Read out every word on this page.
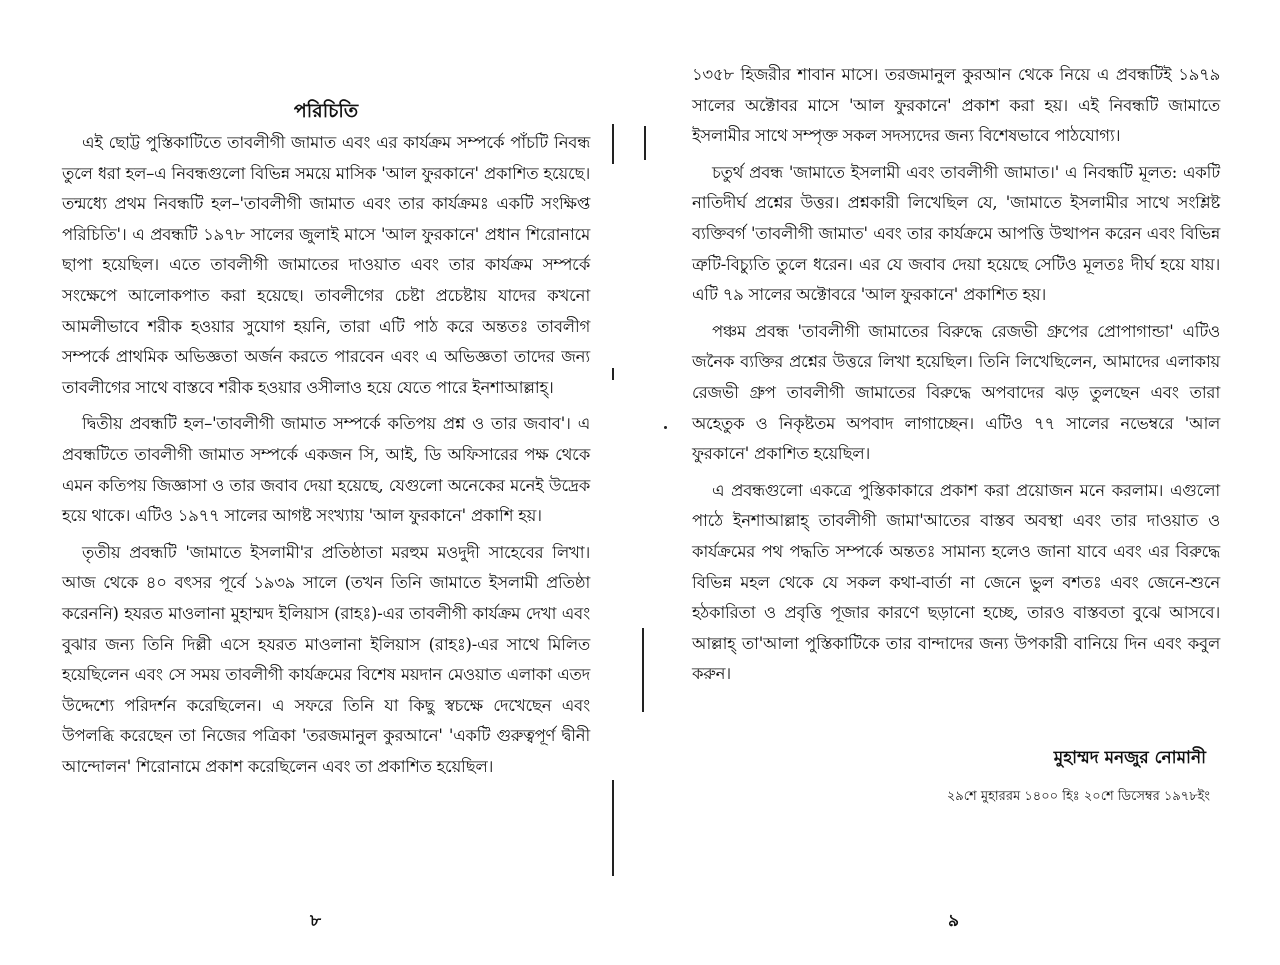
পরিচিতি

এই ছোট্ট পুস্তিকাটিতে তাবলীগী জামাত এবং এর কার্যক্রম সম্পর্কে পাঁচটি নিবন্ধ তুলে ধরা হল–এ নিবন্ধগুলো বিভিন্ন সময়ে মাসিক 'আল ফুরকানে' প্রকাশিত হয়েছে। তন্মধ্যে প্রথম নিবন্ধটি হল–'তাবলীগী জামাত এবং তার কার্যক্রমঃ একটি সংক্ষিপ্ত পরিচিতি'। এ প্রবন্ধটি ১৯৭৮ সালের জুলাই মাসে 'আল ফুরকানে' প্রধান শিরোনামে ছাপা হয়েছিল। এতে তাবলীগী জামাতের দাওয়াত এবং তার কার্যক্রম সম্পর্কে সংক্ষেপে আলোকপাত করা হয়েছে। তাবলীগের চেষ্টা প্রচেষ্টায় যাদের কখনো আমলীভাবে শরীক হওয়ার সুযোগ হয়নি, তারা এটি পাঠ করে অন্ততঃ তাবলীগ সম্পর্কে প্রাথমিক অভিজ্ঞতা অর্জন করতে পারবেন এবং এ অভিজ্ঞতা তাদের জন্য তাবলীগের সাথে বাস্তবে শরীক হওয়ার ওসীলাও হয়ে যেতে পারে ইনশাআল্লাহ্।

দ্বিতীয় প্রবন্ধটি হল–'তাবলীগী জামাত সম্পর্কে কতিপয় প্রশ্ন ও তার জবাব'। এ প্রবন্ধটিতে তাবলীগী জামাত সম্পর্কে একজন সি, আই, ডি অফিসারের পক্ষ থেকে এমন কতিপয় জিজ্ঞাসা ও তার জবাব দেয়া হয়েছে, যেগুলো অনেকের মনেই উদ্রেক হয়ে থাকে। এটিও ১৯৭৭ সালের আগষ্ট সংখ্যায় 'আল ফুরকানে' প্রকাশি হয়।

তৃতীয় প্রবন্ধটি 'জামাতে ইসলামী'র প্রতিষ্ঠাতা মরহুম মওদুদী সাহেবের লিখা। আজ থেকে ৪০ বৎসর পূর্বে ১৯৩৯ সালে (তখন তিনি জামাতে ইসলামী প্রতিষ্ঠা করেননি) হযরত মাওলানা মুহাম্মদ ইলিয়াস (রাহঃ)-এর তাবলীগী কার্যক্রম দেখা এবং বুঝার জন্য তিনি দিল্লী এসে হযরত মাওলানা ইলিয়াস (রাহঃ)-এর সাথে মিলিত হয়েছিলেন এবং সে সময় তাবলীগী কার্যক্রমের বিশেষ ময়দান মেওয়াত এলাকা এতদ উদ্দেশ্যে পরিদর্শন করেছিলেন। এ সফরে তিনি যা কিছু স্বচক্ষে দেখেছেন এবং উপলব্ধি করেছেন তা নিজের পত্রিকা 'তরজমানুল কুরআনে' 'একটি গুরুত্বপূর্ণ দ্বীনী আন্দোলন' শিরোনামে প্রকাশ করেছিলেন এবং তা প্রকাশিত হয়েছিল।

৮

১৩৫৮ হিজরীর শাবান মাসে। তরজমানুল কুরআন থেকে নিয়ে এ প্রবন্ধটিই ১৯৭৯ সালের অক্টোবর মাসে 'আল ফুরকানে' প্রকাশ করা হয়। এই নিবন্ধটি জামাতে ইসলামীর সাথে সম্পৃক্ত সকল সদস্যদের জন্য বিশেষভাবে পাঠযোগ্য।

চতুর্থ প্রবন্ধ 'জামাতে ইসলামী এবং তাবলীগী জামাত।' এ নিবন্ধটি মূলত: একটি নাতিদীর্ঘ প্রশ্নের উত্তর। প্রশ্নকারী লিখেছিল যে, 'জামাতে ইসলামীর সাথে সংশ্লিষ্ট ব্যক্তিবর্গ 'তাবলীগী জামাত' এবং তার কার্যক্রমে আপত্তি উত্থাপন করেন এবং বিভিন্ন ত্রুটি-বিচ্যুতি তুলে ধরেন। এর যে জবাব দেয়া হয়েছে সেটিও মূলতঃ দীর্ঘ হয়ে যায়। এটি ৭৯ সালের অক্টোবরে 'আল ফুরকানে' প্রকাশিত হয়।

পঞ্চম প্রবন্ধ 'তাবলীগী জামাতের বিরুদ্ধে রেজভী গ্রুপের প্রোপাগান্ডা' এটিও জনৈক ব্যক্তির প্রশ্নের উত্তরে লিখা হয়েছিল। তিনি লিখেছিলেন, আমাদের এলাকায় রেজভী গ্রুপ তাবলীগী জামাতের বিরুদ্ধে অপবাদের ঝড় তুলছেন এবং তারা অহেতুক ও নিকৃষ্টতম অপবাদ লাগাচ্ছেন। এটিও ৭৭ সালের নভেম্বরে 'আল ফুরকানে' প্রকাশিত হয়েছিল।

এ প্রবন্ধগুলো একত্রে পুস্তিকাকারে প্রকাশ করা প্রয়োজন মনে করলাম। এগুলো পাঠে ইনশাআল্লাহ্ তাবলীগী জামা'আতের বাস্তব অবস্থা এবং তার দাওয়াত ও কার্যক্রমের পথ পদ্ধতি সম্পর্কে অন্ততঃ সামান্য হলেও জানা যাবে এবং এর বিরুদ্ধে বিভিন্ন মহল থেকে যে সকল কথা-বার্তা না জেনে ভুল বশতঃ এবং জেনে-শুনে হঠকারিতা ও প্রবৃত্তি পূজার কারণে ছড়ানো হচ্ছে, তারও বাস্তবতা বুঝে আসবে। আল্লাহ্ তা'আলা পুস্তিকাটিকে তার বান্দাদের জন্য উপকারী বানিয়ে দিন এবং কবুল করুন।

মুহাম্মদ মনজুর নোমানী
২৯শে মুহাররম ১৪০০ হিঃ ২০শে ডিসেম্বর ১৯৭৮ইং
৯
